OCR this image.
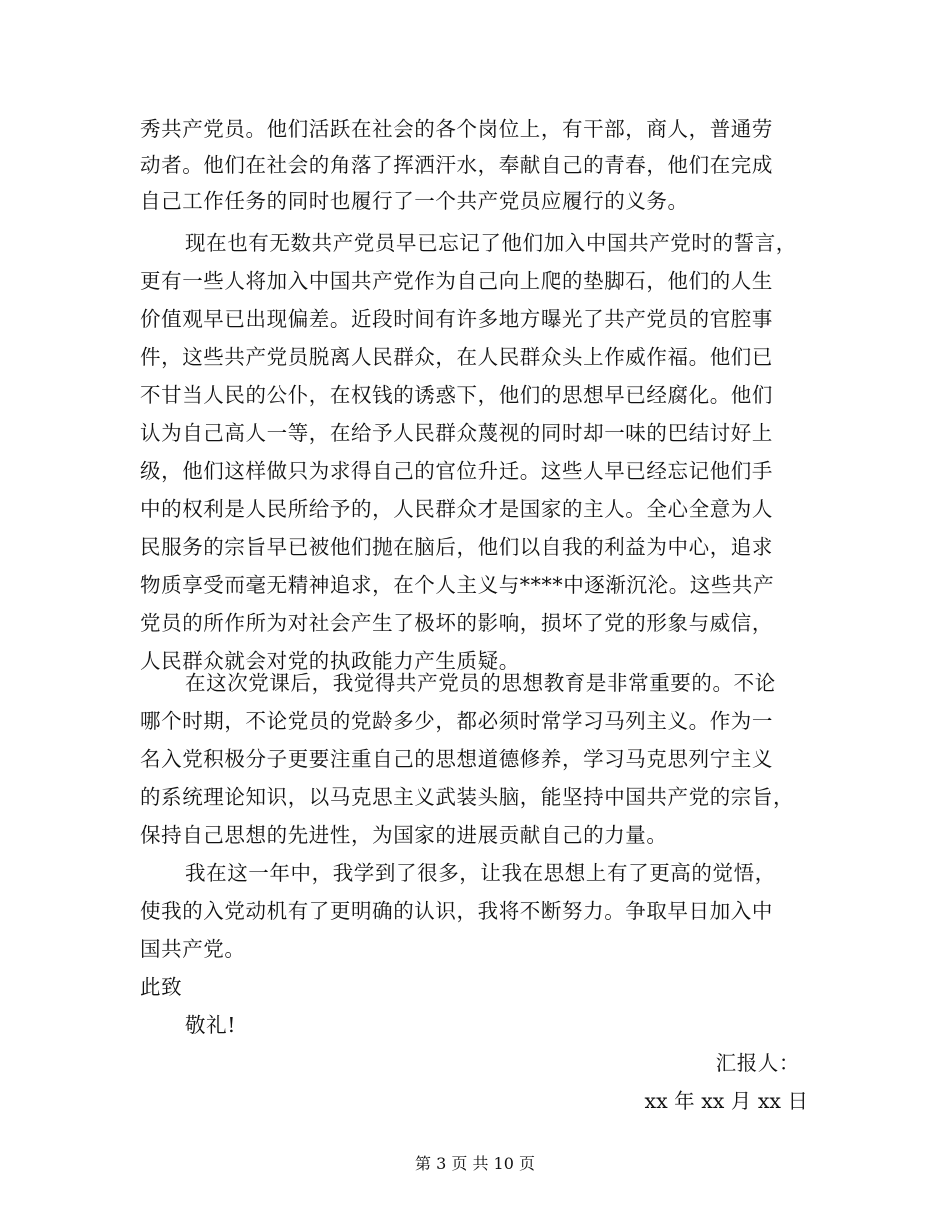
秀共产党员。他们活跃在社会的各个岗位上，有干部，商人，普通劳
动者。他们在社会的角落了挥洒汗水，奉献自己的青春，他们在完成
自己工作任务的同时也履行了一个共产党员应履行的义务。
现在也有无数共产党员早已忘记了他们加入中国共产党时的誓言，
更有一些人将加入中国共产党作为自己向上爬的垫脚石，他们的人生
价值观早已出现偏差。近段时间有许多地方曝光了共产党员的官腔事
件，这些共产党员脱离人民群众，在人民群众头上作威作福。他们已
不甘当人民的公仆，在权钱的诱惑下，他们的思想早已经腐化。他们
认为自己高人一等，在给予人民群众蔑视的同时却一味的巴结讨好上
级，他们这样做只为求得自己的官位升迁。这些人早已经忘记他们手
中的权利是人民所给予的，人民群众才是国家的主人。全心全意为人
民服务的宗旨早已被他们抛在脑后，他们以自我的利益为中心，追求
物质享受而毫无精神追求，在个人主义与****中逐渐沉沦。这些共产
党员的所作所为对社会产生了极坏的影响，损坏了党的形象与威信，
人民群众就会对党的执政能力产生质疑。
在这次党课后，我觉得共产党员的思想教育是非常重要的。不论
哪个时期，不论党员的党龄多少，都必须时常学习马列主义。作为一
名入党积极分子更要注重自己的思想道德修养，学习马克思列宁主义
的系统理论知识，以马克思主义武装头脑，能坚持中国共产党的宗旨，
保持自己思想的先进性，为国家的进展贡献自己的力量。
我在这一年中，我学到了很多，让我在思想上有了更高的觉悟，
使我的入党动机有了更明确的认识，我将不断努力。争取早日加入中
国共产党。
此致
敬礼!
汇报人：
xx 年 xx 月 xx 日
第 3 页 共 10 页
